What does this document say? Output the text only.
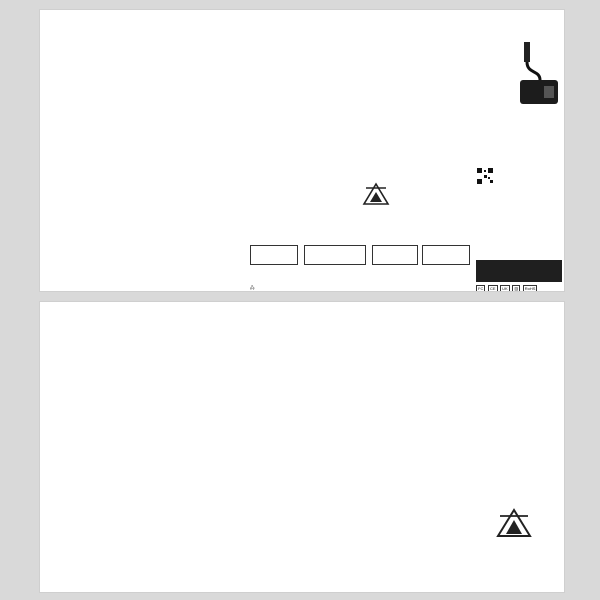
FC CE UK ▥ RoHS
🖧
